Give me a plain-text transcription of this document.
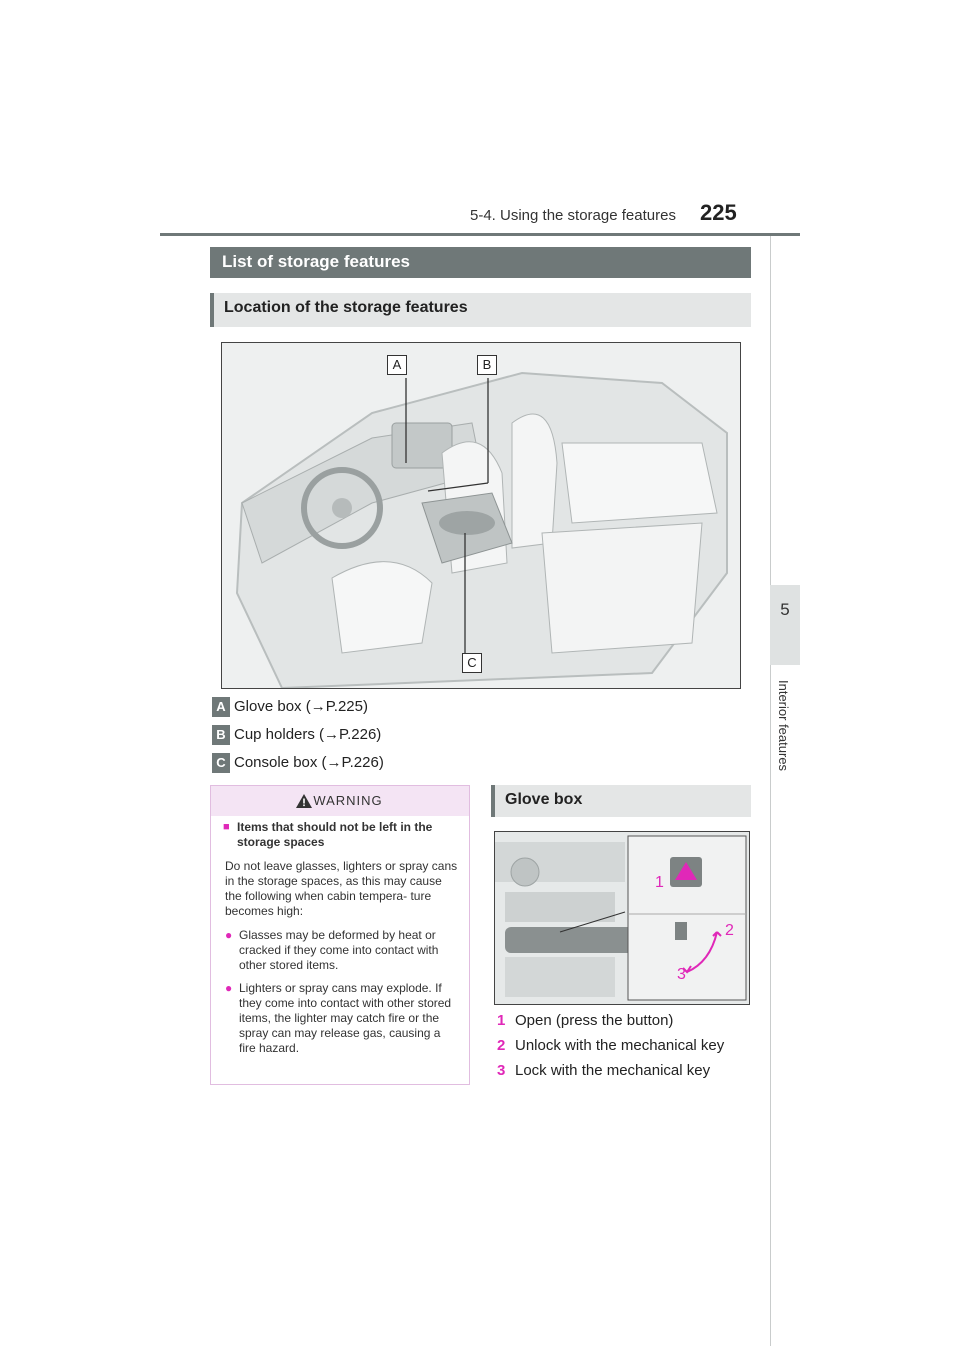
5-4. Using the storage features 225
5
Interior features
List of storage features
Location of the storage features
A	B
C
A Glove box (→P.225)
B Cup holders (→P.226)
C Console box (→P.226)
WARNING

■ Items that should not be left in the storage spaces

Do not leave glasses, lighters or spray cans in the storage spaces, as this may cause the following when cabin tempera- ture becomes high:

● Glasses may be deformed by heat or cracked if they come into contact with other stored items.
● Lighters or spray cans may explode. If they come into contact with other stored items, the lighter may catch fire or the spray can may release gas, causing a fire hazard.
Glove box
1
2
3
1 Open (press the button)
2 Unlock with the mechanical key
3 Lock with the mechanical key
